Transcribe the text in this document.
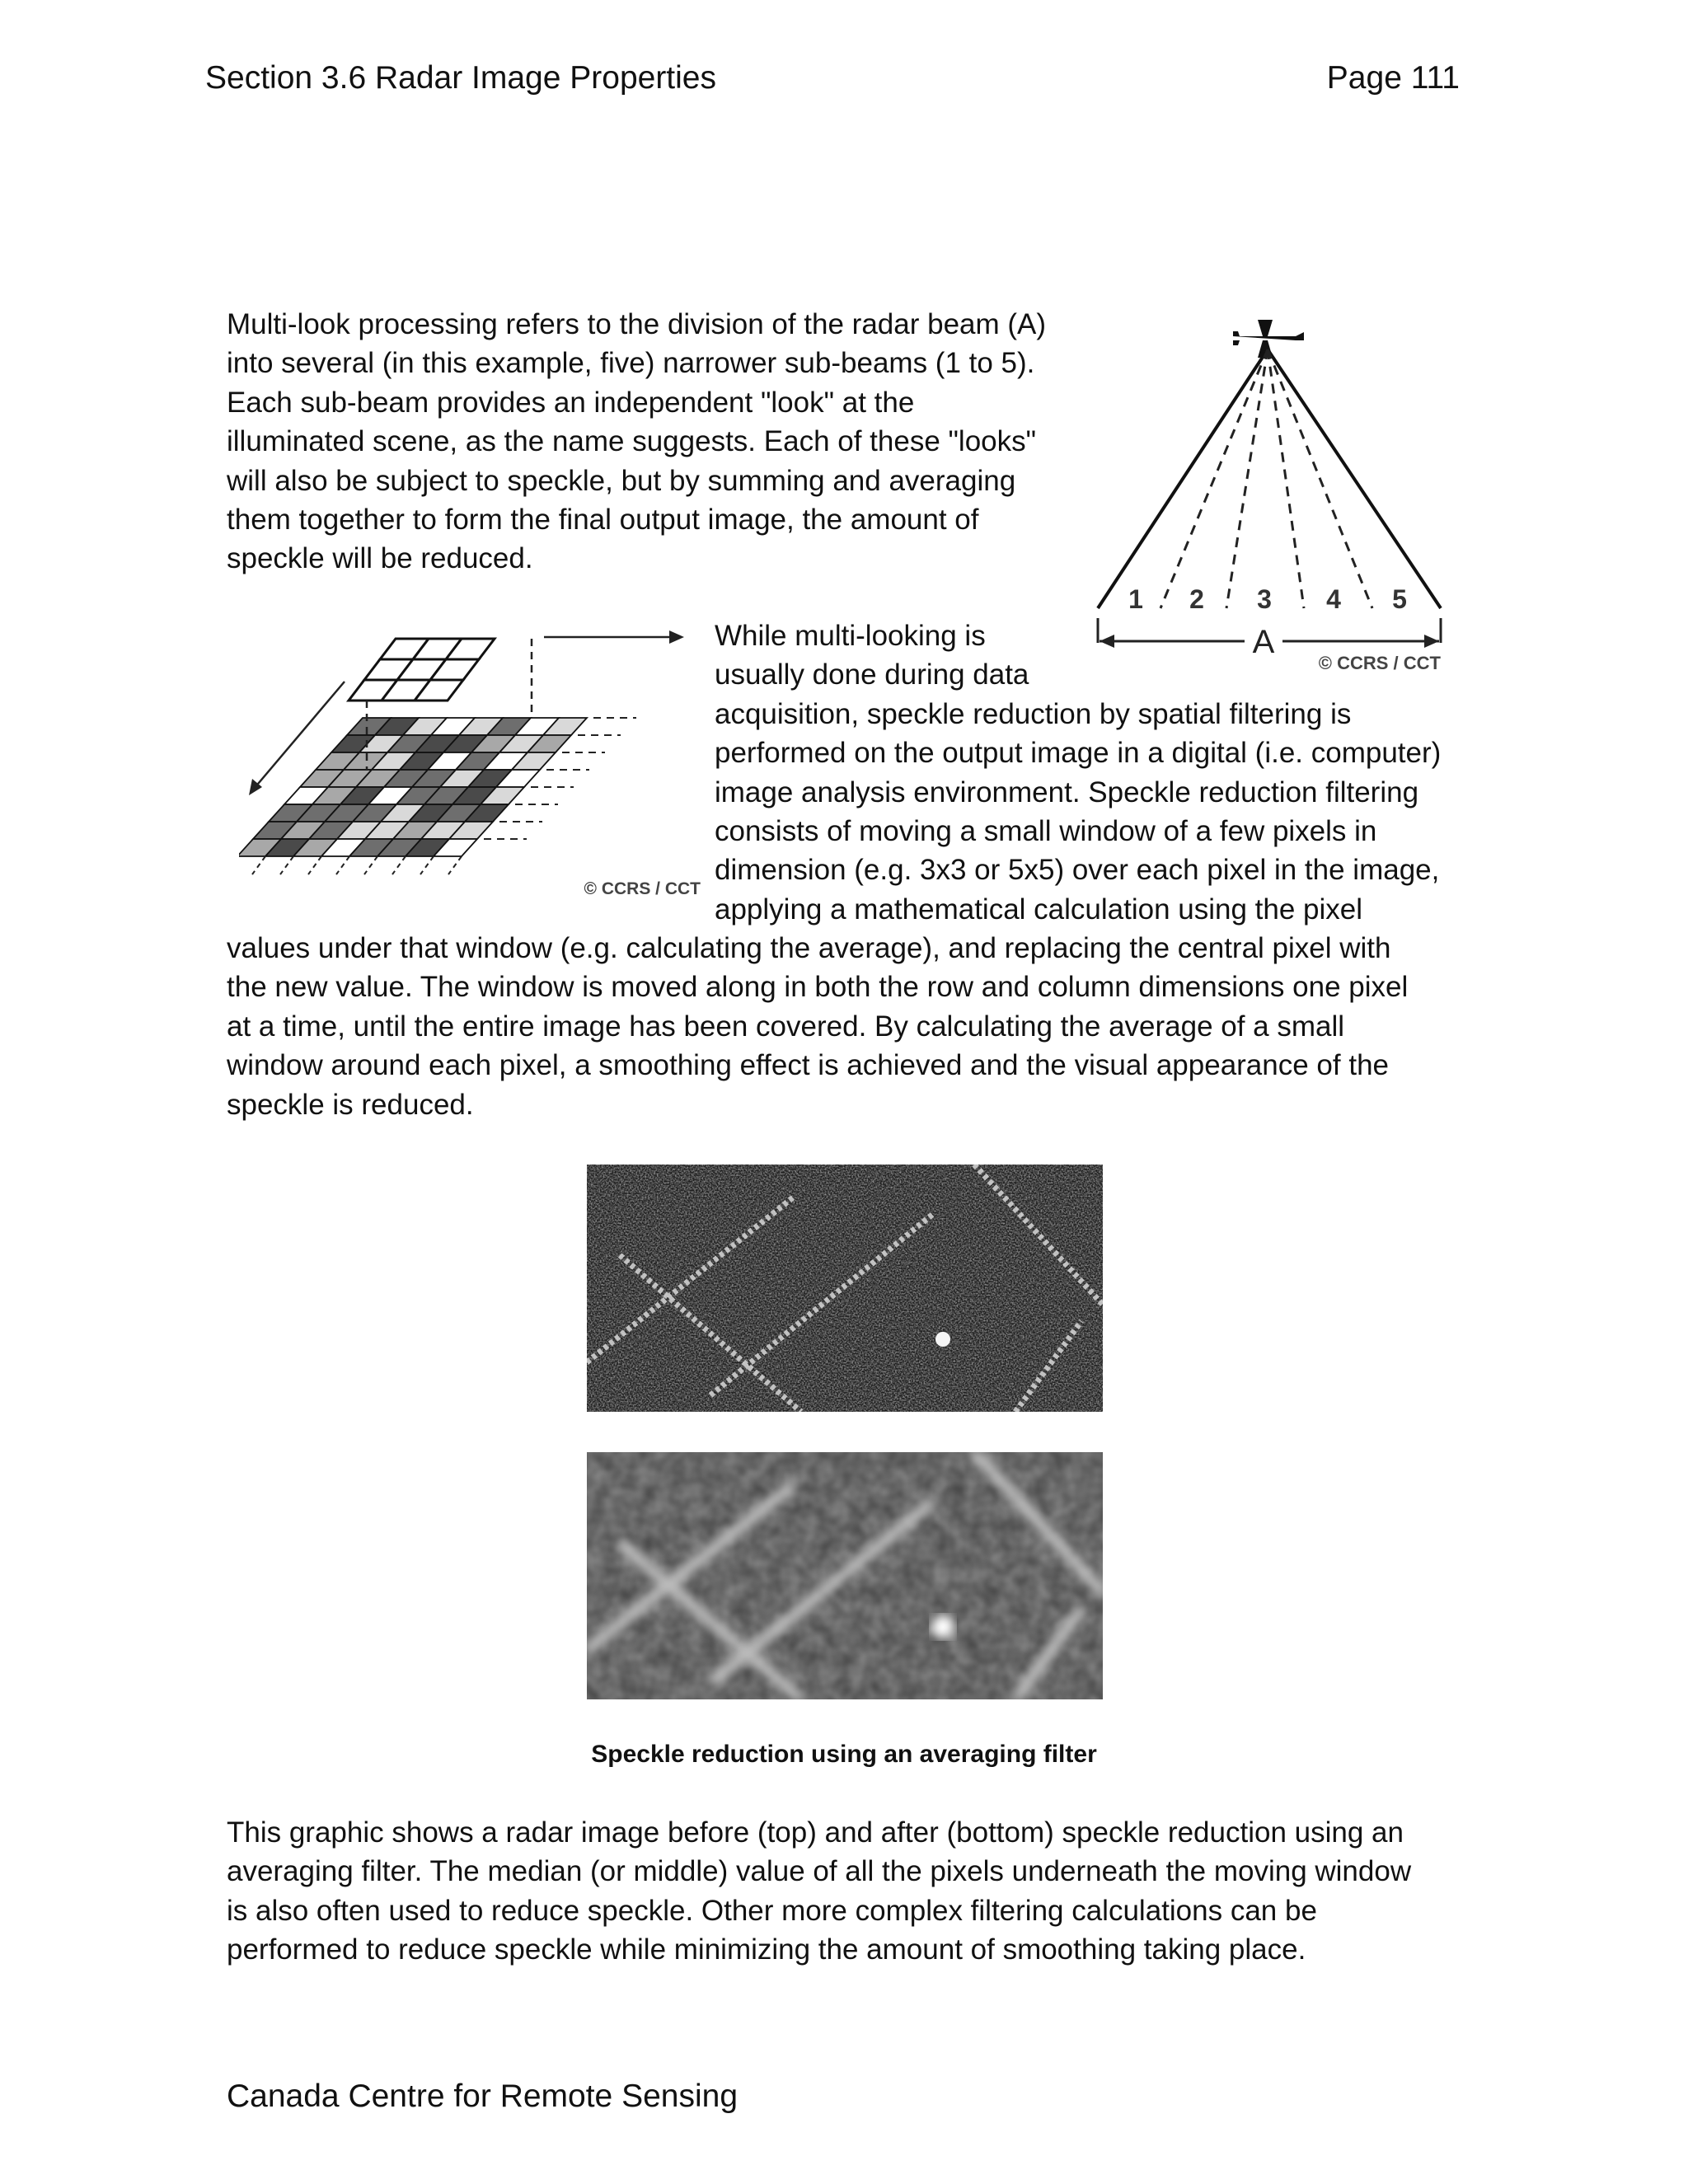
Section 3.6 Radar Image Properties	Page 111
Multi-look processing refers to the division of the radar beam (A)
into several (in this example, five) narrower sub-beams (1 to 5).
Each sub-beam provides an independent "look" at the
illuminated scene, as the name suggests. Each of these "looks"
will also be subject to speckle, but by summing and averaging
them together to form the final output image, the amount of
speckle will be reduced.
1 2 3 4 5
A
© CCRS / CCT
© CCRS / CCT
While multi-looking is
usually done during data
acquisition, speckle reduction by spatial filtering is
performed on the output image in a digital (i.e. computer)
image analysis environment. Speckle reduction filtering
consists of moving a small window of a few pixels in
dimension (e.g. 3x3 or 5x5) over each pixel in the image,
applying a mathematical calculation using the pixel
values under that window (e.g. calculating the average), and replacing the central pixel with
the new value. The window is moved along in both the row and column dimensions one pixel
at a time, until the entire image has been covered. By calculating the average of a small
window around each pixel, a smoothing effect is achieved and the visual appearance of the
speckle is reduced.
Speckle reduction using an averaging filter
This graphic shows a radar image before (top) and after (bottom) speckle reduction using an
averaging filter. The median (or middle) value of all the pixels underneath the moving window
is also often used to reduce speckle. Other more complex filtering calculations can be
performed to reduce speckle while minimizing the amount of smoothing taking place.
Canada Centre for Remote Sensing
